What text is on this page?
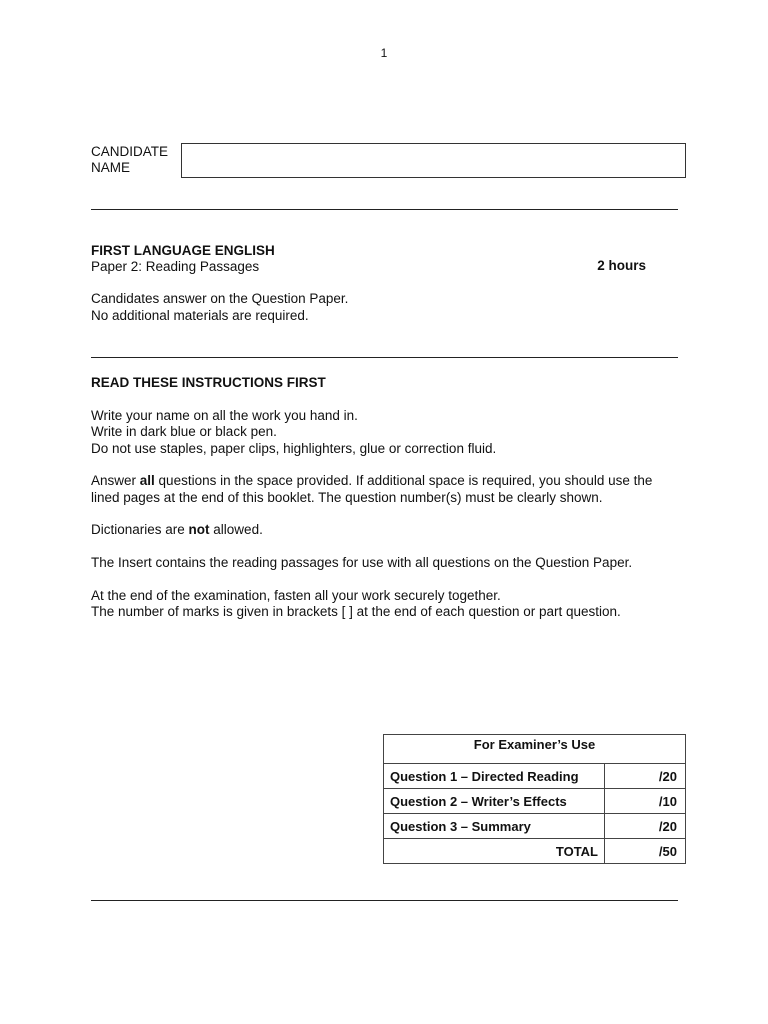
1
CANDIDATE
NAME
FIRST LANGUAGE ENGLISH
Paper 2: Reading Passages	2 hours
Candidates answer on the Question Paper.
No additional materials are required.
READ THESE INSTRUCTIONS FIRST
Write your name on all the work you hand in.
Write in dark blue or black pen.
Do not use staples, paper clips, highlighters, glue or correction fluid.
Answer all questions in the space provided. If additional space is required, you should use the
lined pages at the end of this booklet. The question number(s) must be clearly shown.
Dictionaries are not allowed.
The Insert contains the reading passages for use with all questions on the Question Paper.
At the end of the examination, fasten all your work securely together.
The number of marks is given in brackets [ ] at the end of each question or part question.
For Examiner’s Use	
Question 1 – Directed Reading	/20
Question 2 – Writer’s Effects	/10
Question 3 – Summary	/20
TOTAL	/50
